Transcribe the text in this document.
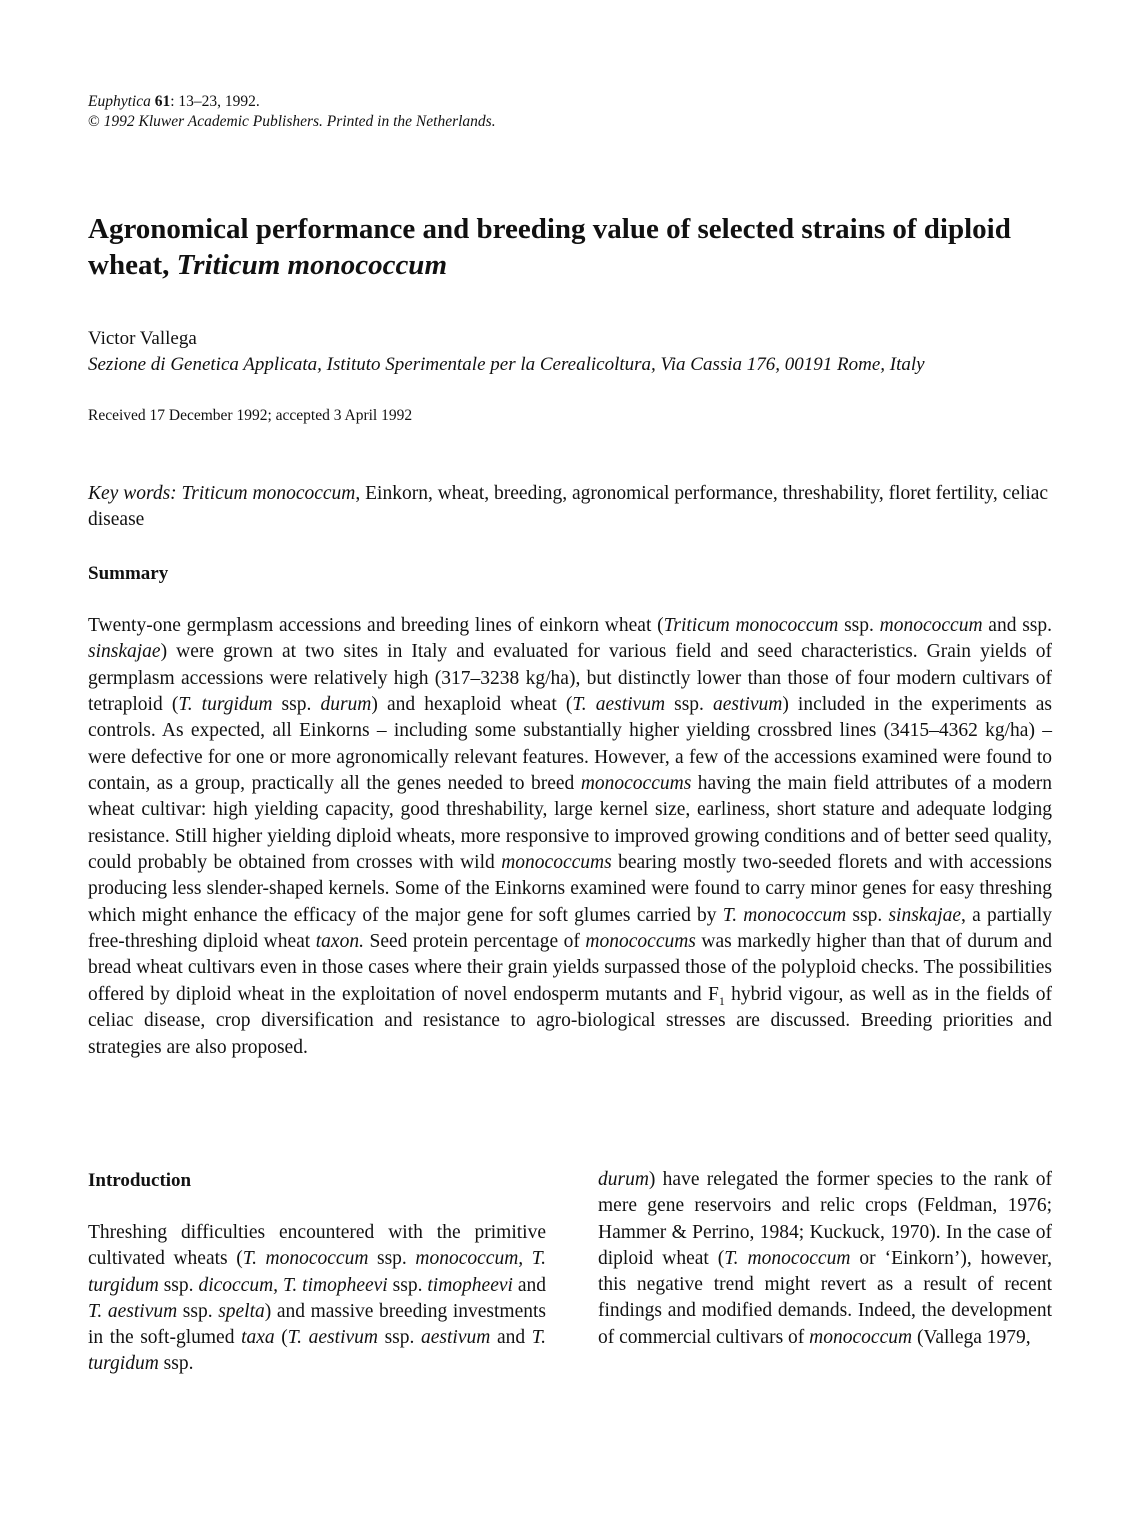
Euphytica 61: 13–23, 1992.
© 1992 Kluwer Academic Publishers. Printed in the Netherlands.
Agronomical performance and breeding value of selected strains of diploid wheat, Triticum monococcum
Victor Vallega
Sezione di Genetica Applicata, Istituto Sperimentale per la Cerealicoltura, Via Cassia 176, 00191 Rome, Italy
Received 17 December 1992; accepted 3 April 1992
Key words: Triticum monococcum, Einkorn, wheat, breeding, agronomical performance, threshability, floret fertility, celiac disease
Summary
Twenty-one germplasm accessions and breeding lines of einkorn wheat (Triticum monococcum ssp. monococcum and ssp. sinskajae) were grown at two sites in Italy and evaluated for various field and seed characteristics. Grain yields of germplasm accessions were relatively high (317–3238 kg/ha), but distinctly lower than those of four modern cultivars of tetraploid (T. turgidum ssp. durum) and hexaploid wheat (T. aestivum ssp. aestivum) included in the experiments as controls. As expected, all Einkorns – including some substantially higher yielding crossbred lines (3415–4362 kg/ha) – were defective for one or more agronomically relevant features. However, a few of the accessions examined were found to contain, as a group, practically all the genes needed to breed monococcums having the main field attributes of a modern wheat cultivar: high yielding capacity, good threshability, large kernel size, earliness, short stature and adequate lodging resistance. Still higher yielding diploid wheats, more responsive to improved growing conditions and of better seed quality, could probably be obtained from crosses with wild monococcums bearing mostly two-seeded florets and with accessions producing less slender-shaped kernels. Some of the Einkorns examined were found to carry minor genes for easy threshing which might enhance the efficacy of the major gene for soft glumes carried by T. monococcum ssp. sinskajae, a partially free-threshing diploid wheat taxon. Seed protein percentage of monococcums was markedly higher than that of durum and bread wheat cultivars even in those cases where their grain yields surpassed those of the polyploid checks. The possibilities offered by diploid wheat in the exploitation of novel endosperm mutants and $F_1$ hybrid vigour, as well as in the fields of celiac disease, crop diversification and resistance to agro-biological stresses are discussed. Breeding priorities and strategies are also proposed.
Introduction
Threshing difficulties encountered with the primitive cultivated wheats (T. monococcum ssp. monococcum, T. turgidum ssp. dicoccum, T. timopheevi ssp. timopheevi and T. aestivum ssp. spelta) and massive breeding investments in the soft-glumed taxa (T. aestivum ssp. aestivum and T. turgidum ssp.
durum) have relegated the former species to the rank of mere gene reservoirs and relic crops (Feldman, 1976; Hammer & Perrino, 1984; Kuckuck, 1970). In the case of diploid wheat (T. monococcum or ‘Einkorn’), however, this negative trend might revert as a result of recent findings and modified demands. Indeed, the development of commercial cultivars of monococcum (Vallega 1979,
